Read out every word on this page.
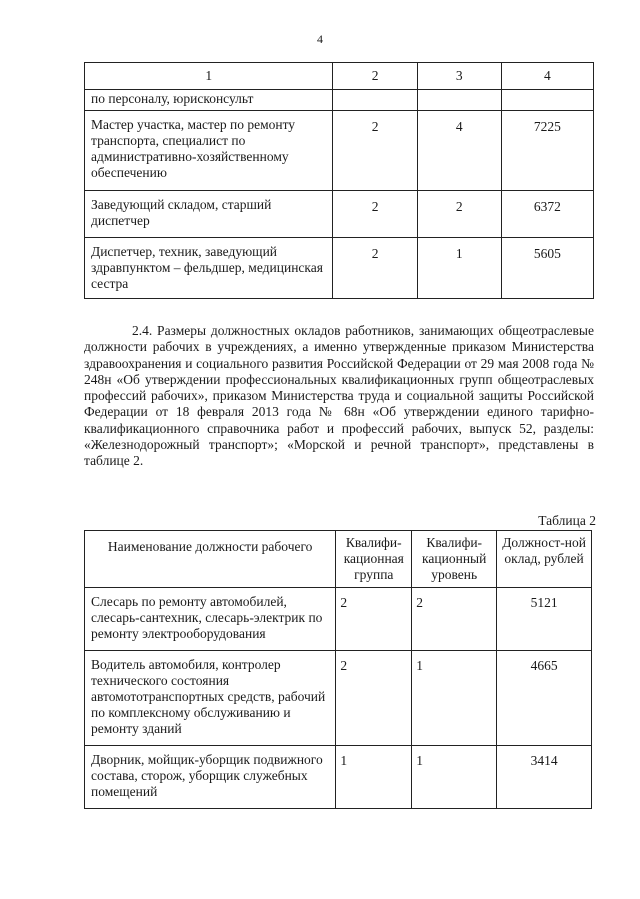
4
1	2	3	4
по персоналу, юрисконсульт			
Мастер участка, мастер по ремонту транспорта, специалист по административно-хозяйственному обеспечению	2	4	7225
Заведующий складом, старший диспетчер	2	2	6372
Диспетчер, техник, заведующий здравпунктом – фельдшер, медицинская сестра	2	1	5605

2.4. Размеры должностных окладов работников, занимающих общеотраслевые должности рабочих в учреждениях, а именно утвержденные приказом Министерства здравоохранения и социального развития Российской Федерации от 29 мая 2008 года № 248н «Об утверждении профессиональных квалификационных групп общеотраслевых профессий рабочих», приказом Министерства труда и социальной защиты Российской Федерации от 18 февраля 2013 года № 68н «Об утверждении единого тарифно-квалификационного справочника работ и профессий рабочих, выпуск 52, разделы: «Железнодорожный транспорт»; «Морской и речной транспорт», представлены в таблице 2.

Таблица 2
Наименование должности рабочего	Квалифи-кационная группа	Квалифи-кационный уровень	Должност-ной оклад, рублей
Слесарь по ремонту автомобилей, слесарь-сантехник, слесарь-электрик по ремонту электрооборудования	2	2	5121
Водитель автомобиля, контролер технического состояния автомототранспортных средств, рабочий по комплексному обслуживанию и ремонту зданий	2	1	4665
Дворник, мойщик-уборщик подвижного состава, сторож, уборщик служебных помещений	1	1	3414
